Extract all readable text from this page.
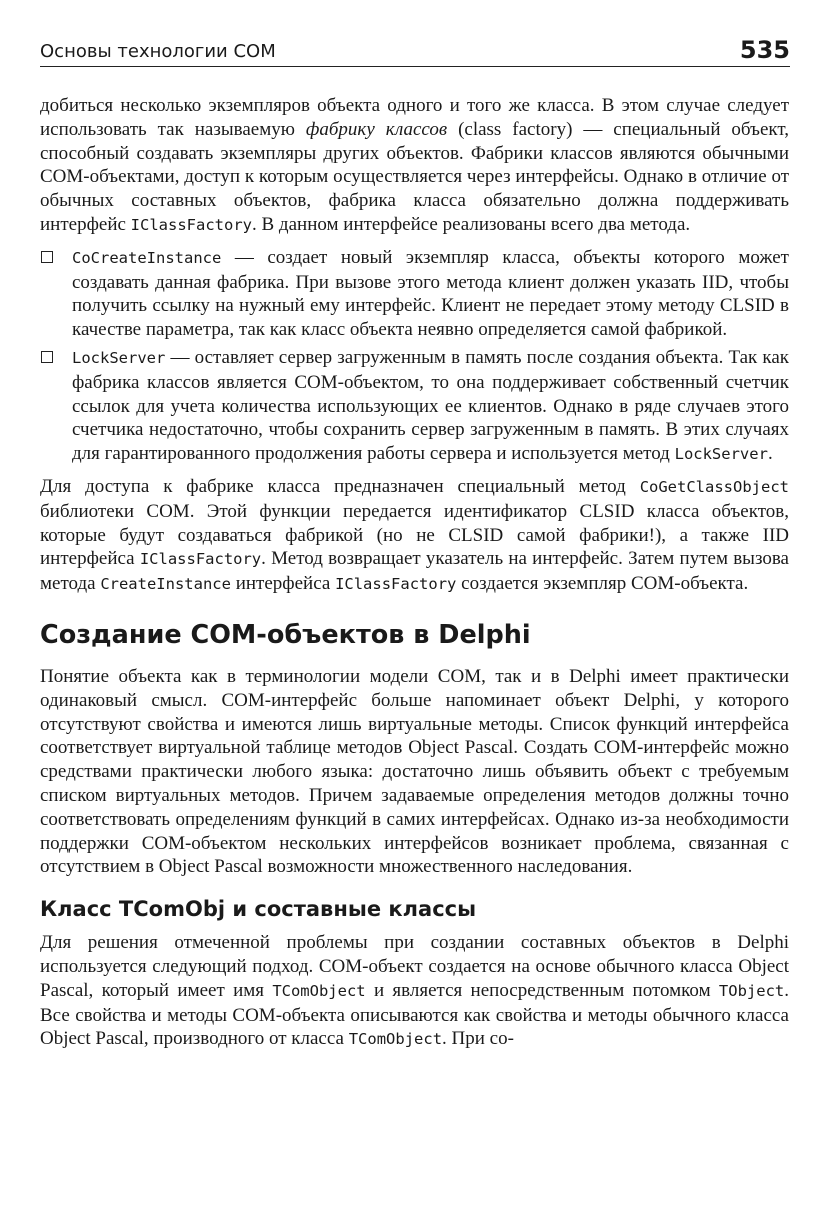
Основы технологии COM	535

добиться несколько экземпляров объекта одного и того же класса. В этом случае следует использовать так называемую фабрику классов (class factory) — специальный объект, способный создавать экземпляры других объектов. Фабрики классов являются обычными COM-объектами, доступ к которым осуществляется через интерфейсы. Однако в отличие от обычных составных объектов, фабрика класса обязательно должна поддерживать интерфейс IClassFactory. В данном интерфейсе реализованы всего два метода.

CoCreateInstance — создает новый экземпляр класса, объекты которого может создавать данная фабрика. При вызове этого метода клиент должен указать IID, чтобы получить ссылку на нужный ему интерфейс. Клиент не передает этому методу CLSID в качестве параметра, так как класс объекта неявно определяется самой фабрикой.
LockServer — оставляет сервер загруженным в память после создания объекта. Так как фабрика классов является COM-объектом, то она поддерживает собственный счетчик ссылок для учета количества использующих ее клиентов. Однако в ряде случаев этого счетчика недостаточно, чтобы сохранить сервер загруженным в память. В этих случаях для гарантированного продолжения работы сервера и используется метод LockServer.

Для доступа к фабрике класса предназначен специальный метод CoGetClassObject библиотеки COM. Этой функции передается идентификатор CLSID класса объектов, которые будут создаваться фабрикой (но не CLSID самой фабрики!), а также IID интерфейса IClassFactory. Метод возвращает указатель на интерфейс. Затем путем вызова метода CreateInstance интерфейса IClassFactory создается экземпляр COM-объекта.

Создание COM-объектов в Delphi

Понятие объекта как в терминологии модели COM, так и в Delphi имеет практически одинаковый смысл. COM-интерфейс больше напоминает объект Delphi, у которого отсутствуют свойства и имеются лишь виртуальные методы. Список функций интерфейса соответствует виртуальной таблице методов Object Pascal. Создать COM-интерфейс можно средствами практически любого языка: достаточно лишь объявить объект с требуемым списком виртуальных методов. Причем задаваемые определения методов должны точно соответствовать определениям функций в самих интерфейсах. Однако из-за необходимости поддержки COM-объектом нескольких интерфейсов возникает проблема, связанная с отсутствием в Object Pascal возможности множественного наследования.

Класс TComObj и составные классы

Для решения отмеченной проблемы при создании составных объектов в Delphi используется следующий подход. COM-объект создается на основе обычного класса Object Pascal, который имеет имя TComObject и является непосредственным потомком TObject. Все свойства и методы COM-объекта описываются как свойства и методы обычного класса Object Pascal, производного от класса TComObject. При со-
